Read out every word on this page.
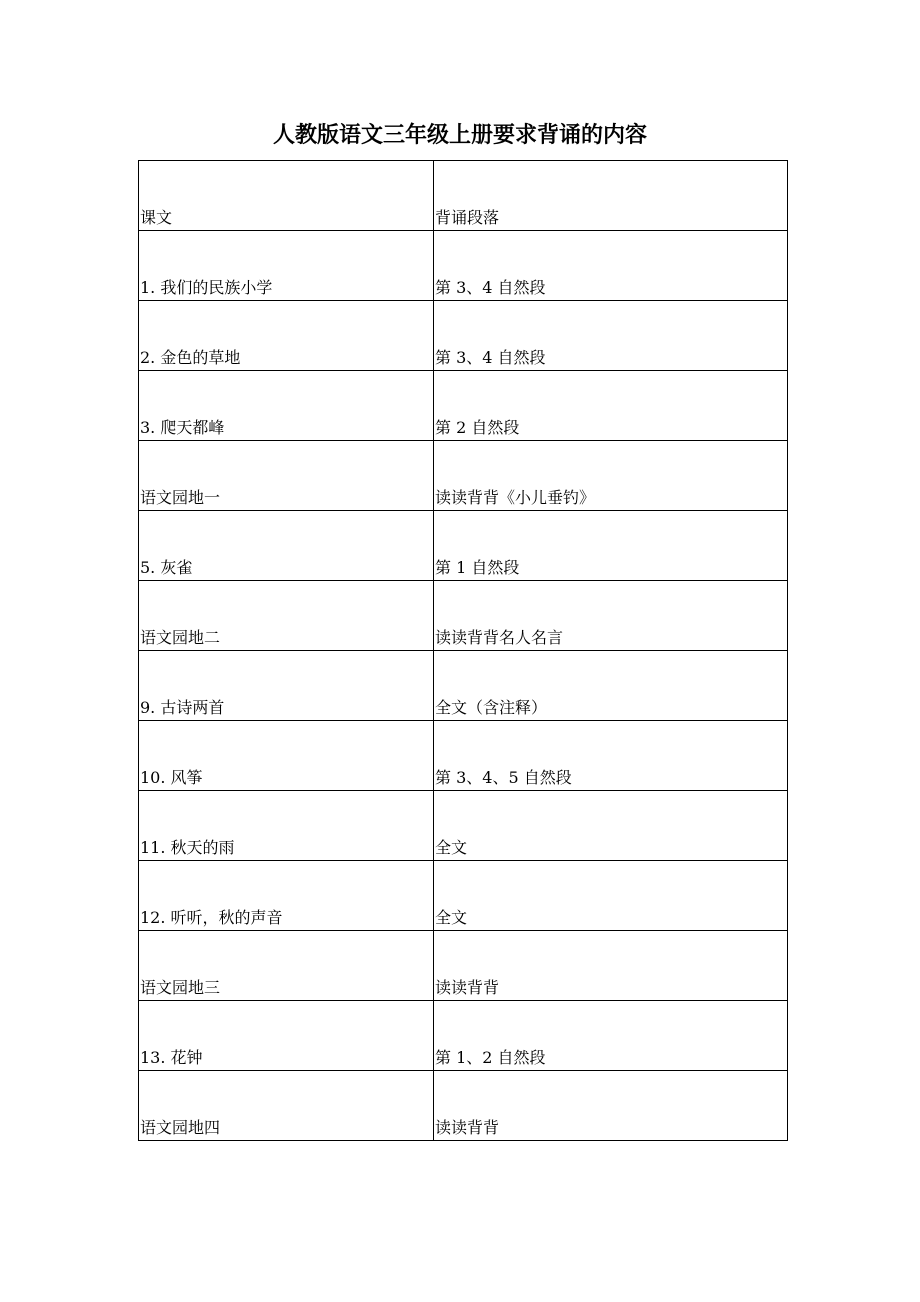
人教版语文三年级上册要求背诵的内容
课文	背诵段落

1. 我们的民族小学	第 3、4 自然段

2. 金色的草地	第 3、4 自然段

3. 爬天都峰	第 2 自然段

语文园地一	读读背背《小儿垂钓》

5. 灰雀	第 1 自然段

语文园地二	读读背背名人名言

9. 古诗两首	全文（含注释）

10. 风筝	第 3、4、5 自然段

11. 秋天的雨	全文

12. 听听，秋的声音	全文

语文园地三	读读背背

13. 花钟	第 1、2 自然段

语文园地四	读读背背
